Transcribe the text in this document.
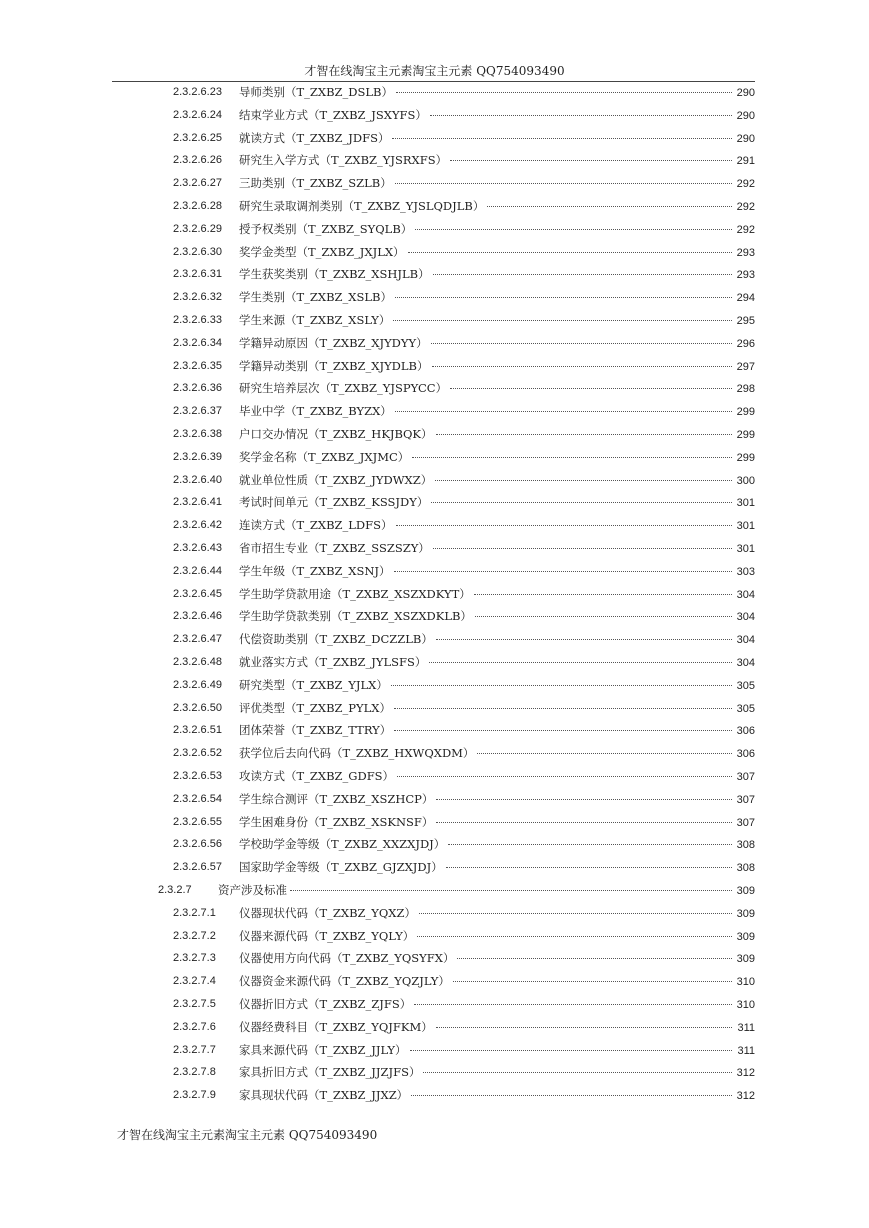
才智在线淘宝主元素淘宝主元素 QQ754093490
2.3.2.6.23 导师类别（T_ZXBZ_DSLB）	290
2.3.2.6.24 结束学业方式（T_ZXBZ_JSXYFS）	290
2.3.2.6.25 就读方式（T_ZXBZ_JDFS）	290
2.3.2.6.26 研究生入学方式（T_ZXBZ_YJSRXFS）	291
2.3.2.6.27 三助类别（T_ZXBZ_SZLB）	292
2.3.2.6.28 研究生录取调剂类别（T_ZXBZ_YJSLQDJLB）	292
2.3.2.6.29 授予权类别（T_ZXBZ_SYQLB）	292
2.3.2.6.30 奖学金类型（T_ZXBZ_JXJLX）	293
2.3.2.6.31 学生获奖类别（T_ZXBZ_XSHJLB）	293
2.3.2.6.32 学生类别（T_ZXBZ_XSLB）	294
2.3.2.6.33 学生来源（T_ZXBZ_XSLY）	295
2.3.2.6.34 学籍异动原因（T_ZXBZ_XJYDYY）	296
2.3.2.6.35 学籍异动类别（T_ZXBZ_XJYDLB）	297
2.3.2.6.36 研究生培养层次（T_ZXBZ_YJSPYCC）	298
2.3.2.6.37 毕业中学（T_ZXBZ_BYZX）	299
2.3.2.6.38 户口交办情况（T_ZXBZ_HKJBQK）	299
2.3.2.6.39 奖学金名称（T_ZXBZ_JXJMC）	299
2.3.2.6.40 就业单位性质（T_ZXBZ_JYDWXZ）	300
2.3.2.6.41 考试时间单元（T_ZXBZ_KSSJDY）	301
2.3.2.6.42 连读方式（T_ZXBZ_LDFS）	301
2.3.2.6.43 省市招生专业（T_ZXBZ_SSZSZY）	301
2.3.2.6.44 学生年级（T_ZXBZ_XSNJ）	303
2.3.2.6.45 学生助学贷款用途（T_ZXBZ_XSZXDKYT）	304
2.3.2.6.46 学生助学贷款类别（T_ZXBZ_XSZXDKLB）	304
2.3.2.6.47 代偿资助类别（T_ZXBZ_DCZZLB）	304
2.3.2.6.48 就业落实方式（T_ZXBZ_JYLSFS）	304
2.3.2.6.49 研究类型（T_ZXBZ_YJLX）	305
2.3.2.6.50 评优类型（T_ZXBZ_PYLX）	305
2.3.2.6.51 团体荣誉（T_ZXBZ_TTRY）	306
2.3.2.6.52 获学位后去向代码（T_ZXBZ_HXWQXDM）	306
2.3.2.6.53 攻读方式（T_ZXBZ_GDFS）	307
2.3.2.6.54 学生综合测评（T_ZXBZ_XSZHCP）	307
2.3.2.6.55 学生困难身份（T_ZXBZ_XSKNSF）	307
2.3.2.6.56 学校助学金等级（T_ZXBZ_XXZXJDJ）	308
2.3.2.6.57 国家助学金等级（T_ZXBZ_GJZXJDJ）	308
2.3.2.7 资产涉及标准	309
2.3.2.7.1 仪器现状代码（T_ZXBZ_YQXZ）	309
2.3.2.7.2 仪器来源代码（T_ZXBZ_YQLY）	309
2.3.2.7.3 仪器使用方向代码（T_ZXBZ_YQSYFX）	309
2.3.2.7.4 仪器资金来源代码（T_ZXBZ_YQZJLY）	310
2.3.2.7.5 仪器折旧方式（T_ZXBZ_ZJFS）	310
2.3.2.7.6 仪器经费科目（T_ZXBZ_YQJFKM）	311
2.3.2.7.7 家具来源代码（T_ZXBZ_JJLY）	311
2.3.2.7.8 家具折旧方式（T_ZXBZ_JJZJFS）	312
2.3.2.7.9 家具现状代码（T_ZXBZ_JJXZ）	312
才智在线淘宝主元素淘宝主元素 QQ754093490
